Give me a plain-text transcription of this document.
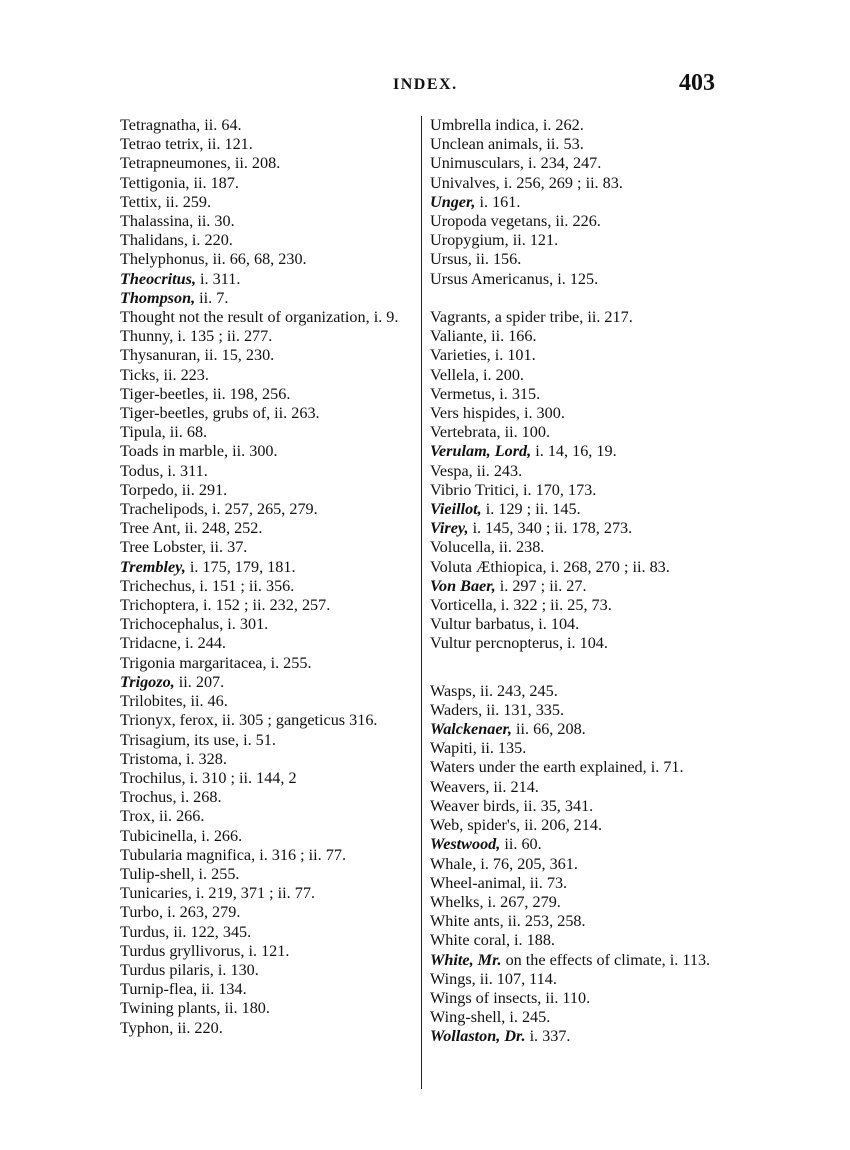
INDEX.	403

Tetragnatha, ii. 64.

Tetrao tetrix, ii. 121.

Tetrapneumones, ii. 208.

Tettigonia, ii. 187.

Tettix, ii. 259.

Thalassina, ii. 30.

Thalidans, i. 220.

Thelyphonus, ii. 66, 68, 230.

Theocritus, i. 311.

Thompson, ii. 7.

Thought not the result of organization, i. 9.

Thunny, i. 135 ; ii. 277.

Thysanuran, ii. 15, 230.

Ticks, ii. 223.

Tiger-beetles, ii. 198, 256.

Tiger-beetles, grubs of, ii. 263.

Tipula, ii. 68.

Toads in marble, ii. 300.

Todus, i. 311.

Torpedo, ii. 291.

Trachelipods, i. 257, 265, 279.

Tree Ant, ii. 248, 252.

Tree Lobster, ii. 37.

Trembley, i. 175, 179, 181.

Trichechus, i. 151 ; ii. 356.

Trichoptera, i. 152 ; ii. 232, 257.

Trichocephalus, i. 301.

Tridacne, i. 244.

Trigonia margaritacea, i. 255.

Trigozo, ii. 207.

Trilobites, ii. 46.

Trionyx, ferox, ii. 305 ; gangeticus 316.

Trisagium, its use, i. 51.

Tristoma, i. 328.

Trochilus, i. 310 ; ii. 144, 2

Trochus, i. 268.

Trox, ii. 266.

Tubicinella, i. 266.

Tubularia magnifica, i. 316 ; ii. 77.

Tulip-shell, i. 255.

Tunicaries, i. 219, 371 ; ii. 77.

Turbo, i. 263, 279.

Turdus, ii. 122, 345.

Turdus gryllivorus, i. 121.

Turdus pilaris, i. 130.

Turnip-flea, ii. 134.

Twining plants, ii. 180.

Typhon, ii. 220.

Umbrella indica, i. 262.

Unclean animals, ii. 53.

Unimusculars, i. 234, 247.

Univalves, i. 256, 269 ; ii. 83.

Unger, i. 161.

Uropoda vegetans, ii. 226.

Uropygium, ii. 121.

Ursus, ii. 156.

Ursus Americanus, i. 125.

Vagrants, a spider tribe, ii. 217.

Valiante, ii. 166.

Varieties, i. 101.

Vellela, i. 200.

Vermetus, i. 315.

Vers hispides, i. 300.

Vertebrata, ii. 100.

Verulam, Lord, i. 14, 16, 19.

Vespa, ii. 243.

Vibrio Tritici, i. 170, 173.

Vieillot, i. 129 ; ii. 145.

Virey, i. 145, 340 ; ii. 178, 273.

Volucella, ii. 238.

Voluta Æthiopica, i. 268, 270 ; ii. 83.

Von Baer, i. 297 ; ii. 27.

Vorticella, i. 322 ; ii. 25, 73.

Vultur barbatus, i. 104.

Vultur percnopterus, i. 104.

Wasps, ii. 243, 245.

Waders, ii. 131, 335.

Walckenaer, ii. 66, 208.

Wapiti, ii. 135.

Waters under the earth explained, i. 71.

Weavers, ii. 214.

Weaver birds, ii. 35, 341.

Web, spider's, ii. 206, 214.

Westwood, ii. 60.

Whale, i. 76, 205, 361.

Wheel-animal, ii. 73.

Whelks, i. 267, 279.

White ants, ii. 253, 258.

White coral, i. 188.

White, Mr. on the effects of climate, i. 113.

Wings, ii. 107, 114.

Wings of insects, ii. 110.

Wing-shell, i. 245.

Wollaston, Dr. i. 337.
